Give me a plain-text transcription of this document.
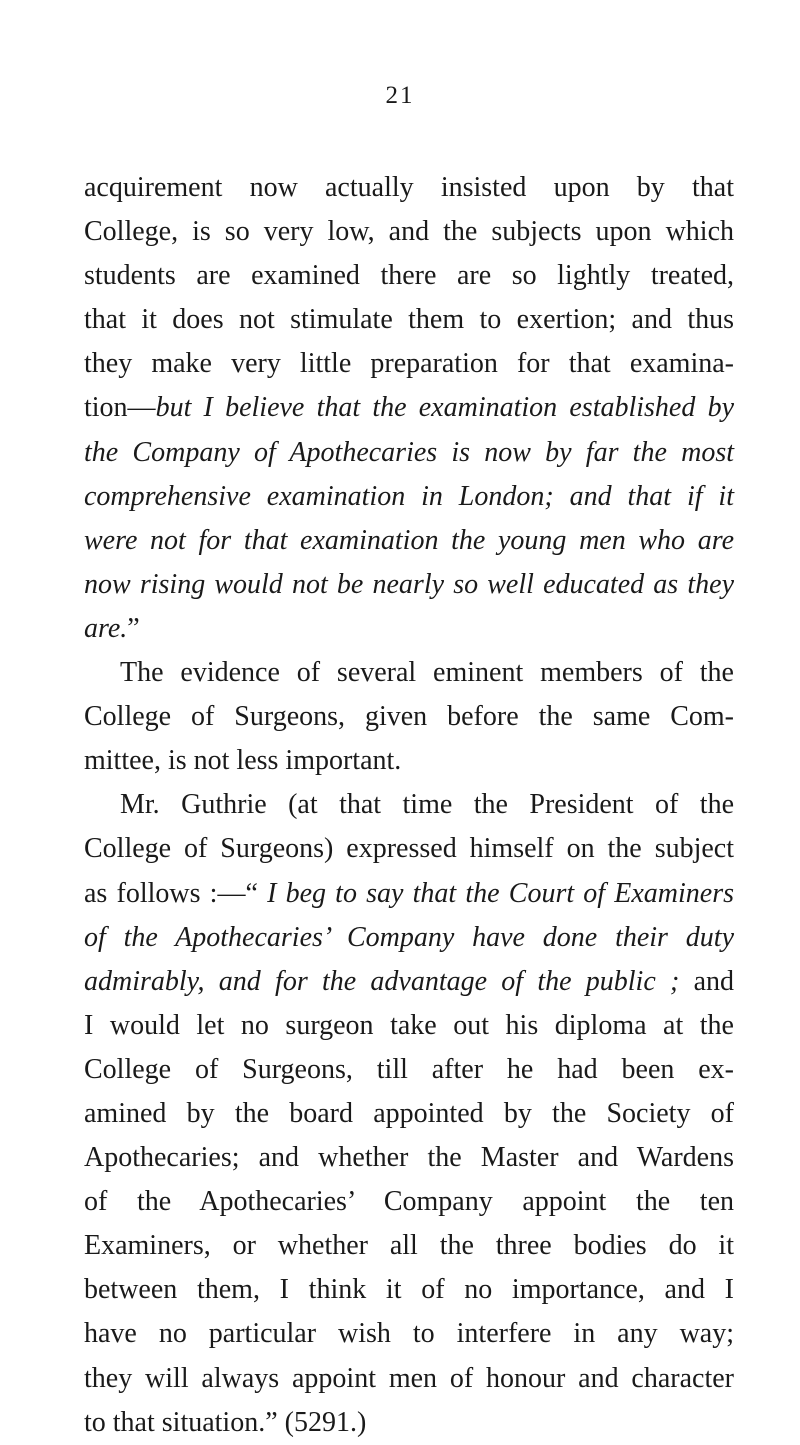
21
acquirement now actually insisted upon by that
College, is so very low, and the subjects upon which
students are examined there are so lightly treated,
that it does not stimulate them to exertion; and thus
they make very little preparation for that examina-
tion—but I believe that the examination established by
the Company of Apothecaries is now by far the most
comprehensive examination in London; and that if it
were not for that examination the young men who are
now rising would not be nearly so well educated as they
are.”
The evidence of several eminent members of the
College of Surgeons, given before the same Com-
mittee, is not less important.
Mr. Guthrie (at that time the President of the
College of Surgeons) expressed himself on the subject
as follows :—“ I beg to say that the Court of Examiners
of the Apothecaries’ Company have done their duty
admirably, and for the advantage of the public ; and
I would let no surgeon take out his diploma at the
College of Surgeons, till after he had been ex-
amined by the board appointed by the Society of
Apothecaries; and whether the Master and Wardens
of the Apothecaries’ Company appoint the ten
Examiners, or whether all the three bodies do it
between them, I think it of no importance, and I
have no particular wish to interfere in any way;
they will always appoint men of honour and character
to that situation.” (5291.)
